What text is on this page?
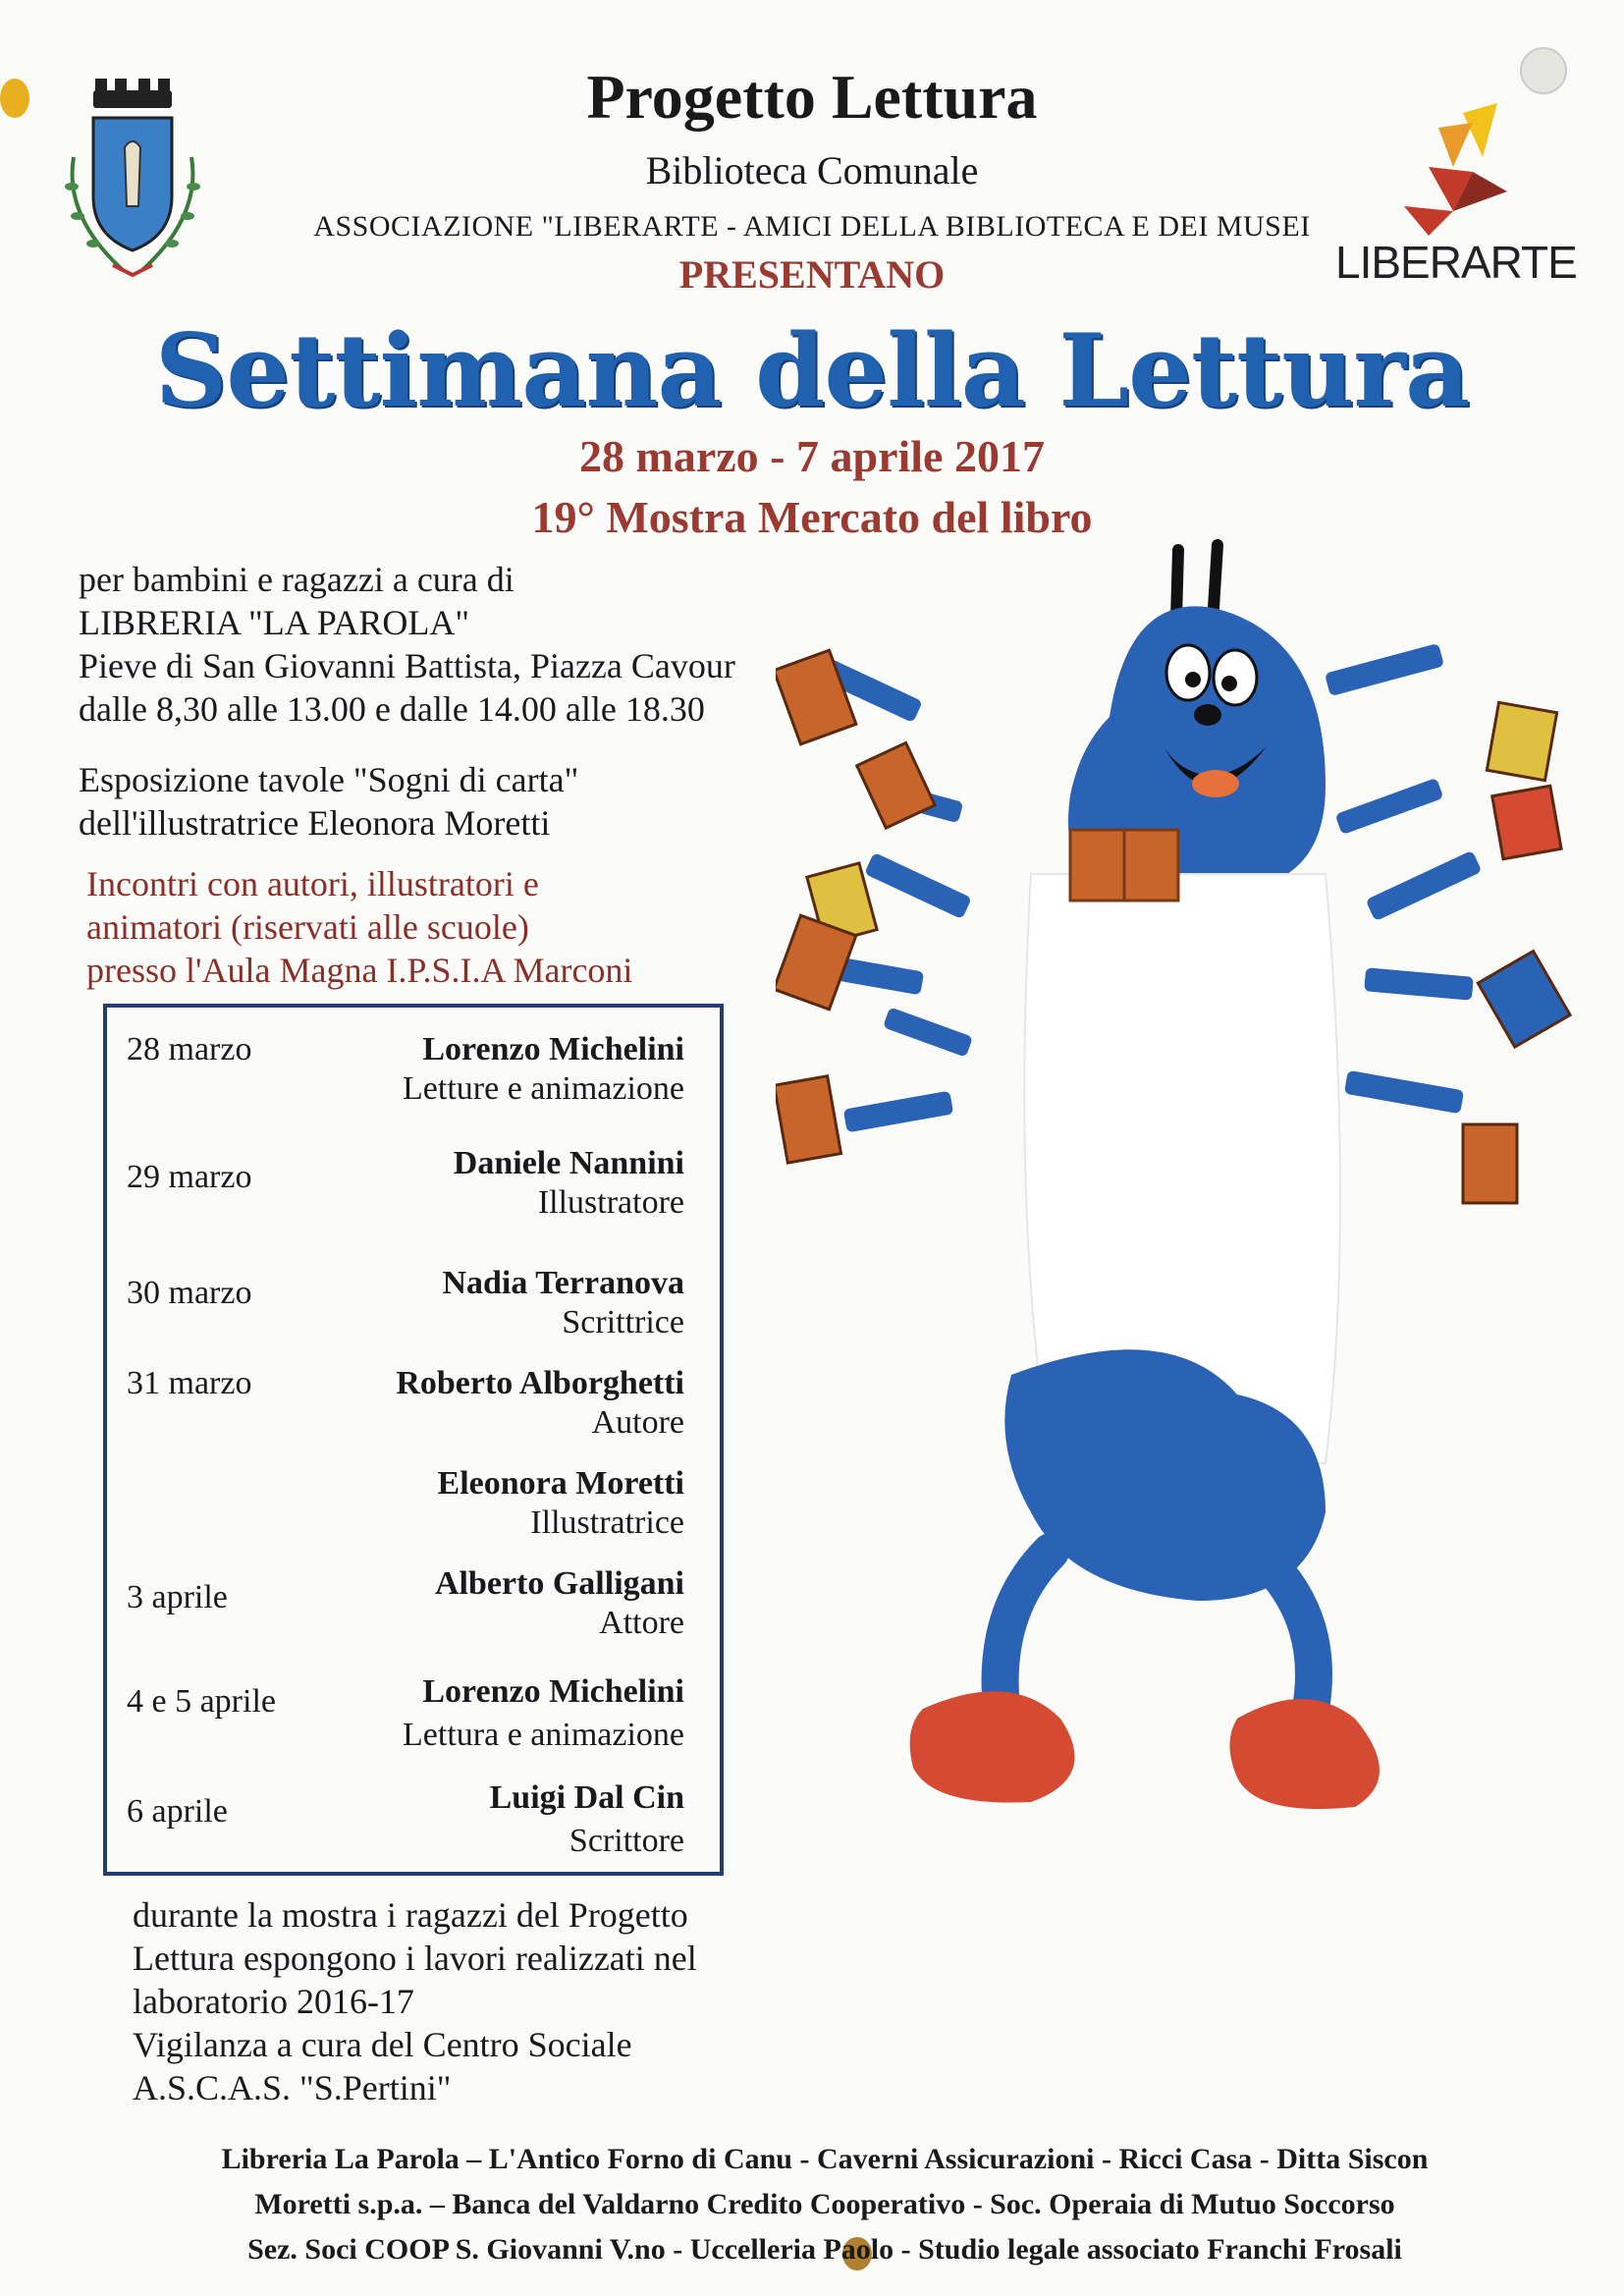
LIBERARTE
Progetto Lettura
Biblioteca Comunale
ASSOCIAZIONE "LIBERARTE - AMICI DELLA BIBLIOTECA E DEI MUSEI
PRESENTANO
Settimana della Lettura
28 marzo - 7 aprile 2017
19° Mostra Mercato del libro
per bambini e ragazzi a cura di
LIBRERIA "LA PAROLA"
Pieve di San Giovanni Battista, Piazza Cavour
dalle 8,30 alle 13.00 e dalle 14.00 alle 18.30
Esposizione tavole "Sogni di carta"
dell'illustratrice Eleonora Moretti
Incontri con autori, illustratori e
animatori (riservati alle scuole)
presso l'Aula Magna I.P.S.I.A Marconi
28 marzo	Lorenzo Michelini
Letture e animazione
29 marzo	Daniele Nannini
Illustratore
30 marzo	Nadia Terranova
Scrittrice
31 marzo	Roberto Alborghetti
Autore
Eleonora Moretti
Illustratrice
3 aprile	Alberto Galligani
Attore
4 e 5 aprile	Lorenzo Michelini
Lettura e animazione
6 aprile	Luigi Dal Cin
Scrittore
durante la mostra i ragazzi del Progetto
Lettura espongono i lavori realizzati nel
laboratorio 2016-17
Vigilanza a cura del Centro Sociale
A.S.C.A.S. "S.Pertini"
Libreria La Parola – L'Antico Forno di Canu - Caverni Assicurazioni - Ricci Casa - Ditta Siscon
Moretti s.p.a. – Banca del Valdarno Credito Cooperativo - Soc. Operaia di Mutuo Soccorso
Sez. Soci COOP S. Giovanni V.no - Uccelleria Paolo - Studio legale associato Franchi Frosali
